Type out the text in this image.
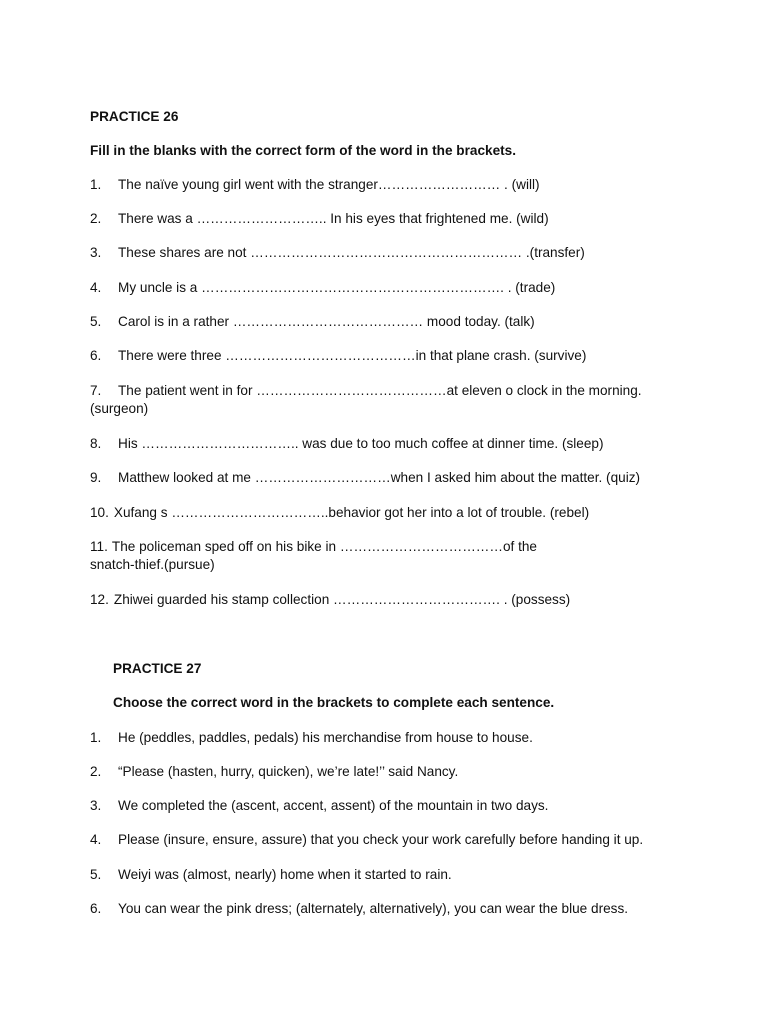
PRACTICE 26
Fill in the blanks with the correct form of the word in the brackets.
1. The naïve young girl went with the stranger……………………… . (will)
2. There was a ……………………….. In his eyes that frightened me. (wild)
3. These shares are not …………………………………………………… .(transfer)
4. My uncle is a …………………………………………………………. . (trade)
5. Carol is in a rather …………………………………… mood today. (talk)
6. There were three ……………………………………in that plane crash. (survive)
7. The patient went in for ……………………………………at eleven o clock in the morning. (surgeon)
8. His …………………………….. was due to too much coffee at dinner time. (sleep)
9. Matthew looked at me …………………………when I asked him about the matter. (quiz)
10. Xufang s ……………………………..behavior got her into a lot of trouble. (rebel)
11. The policeman sped off on his bike in ………………………………of the snatch-thief.(pursue)
12. Zhiwei guarded his stamp collection ………………………………. . (possess)
PRACTICE 27
Choose the correct word in the brackets to complete each sentence.
1. He (peddles, paddles, pedals) his merchandise from house to house.
2. “Please (hasten, hurry, quicken), we’re late!’’ said Nancy.
3. We completed the (ascent, accent, assent) of the mountain in two days.
4. Please (insure, ensure, assure) that you check your work carefully before handing it up.
5. Weiyi was (almost, nearly) home when it started to rain.
6. You can wear the pink dress; (alternately, alternatively), you can wear the blue dress.
